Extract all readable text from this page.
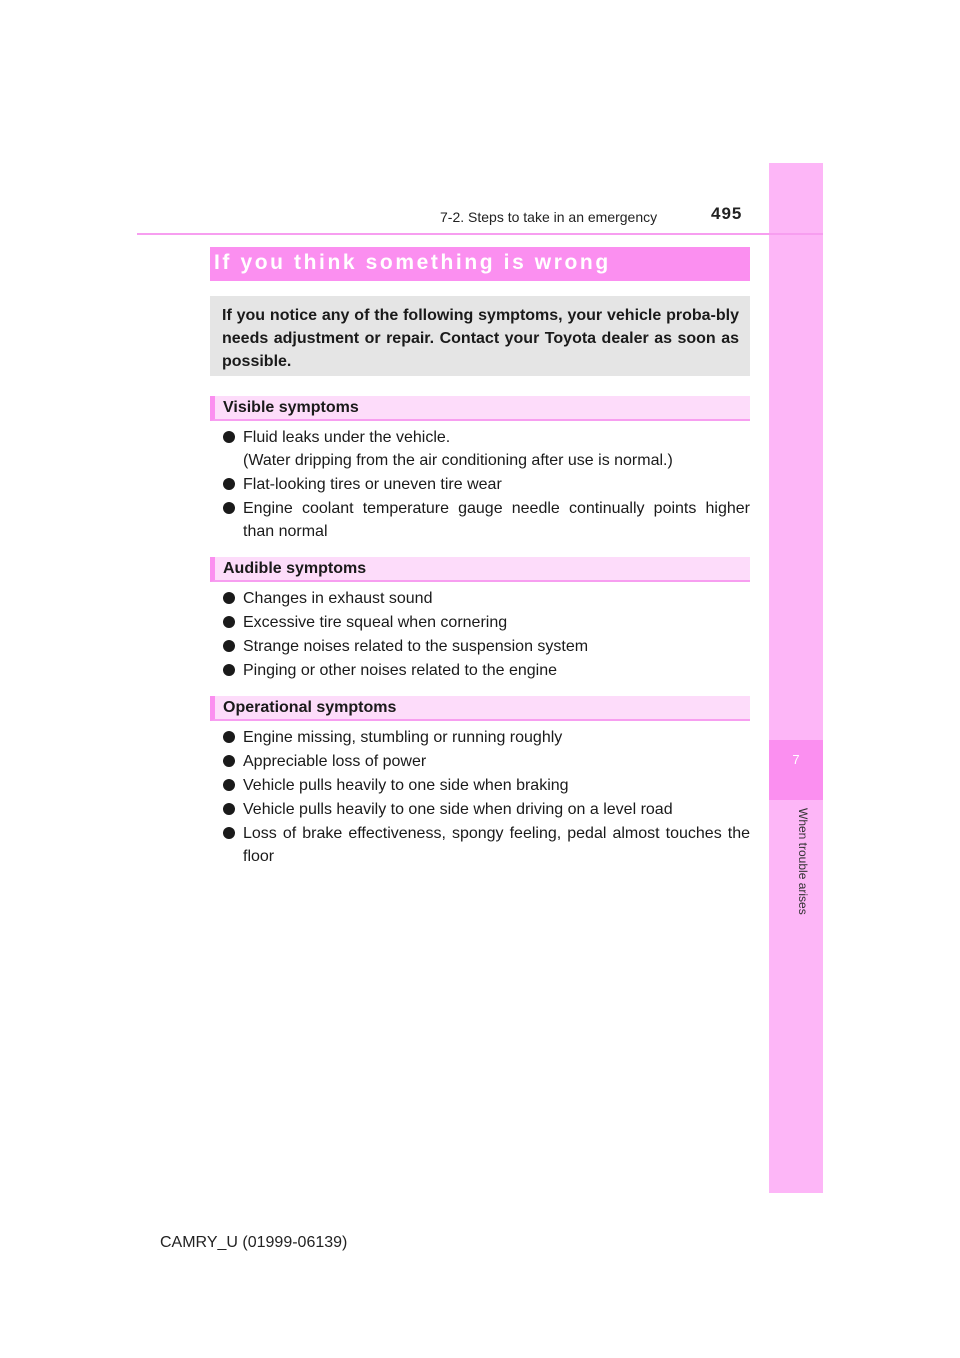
7
When trouble arises
7-2. Steps to take in an emergency	495
If you think something is wrong
If you notice any of the following symptoms, your vehicle proba-bly needs adjustment or repair. Contact your Toyota dealer as soon as possible.
Visible symptoms
Fluid leaks under the vehicle.
(Water dripping from the air conditioning after use is normal.)
Flat-looking tires or uneven tire wear
Engine coolant temperature gauge needle continually points higher than normal
Audible symptoms
Changes in exhaust sound
Excessive tire squeal when cornering
Strange noises related to the suspension system
Pinging or other noises related to the engine
Operational symptoms
Engine missing, stumbling or running roughly
Appreciable loss of power
Vehicle pulls heavily to one side when braking
Vehicle pulls heavily to one side when driving on a level road
Loss of brake effectiveness, spongy feeling, pedal almost touches the floor
CAMRY_U (01999-06139)
